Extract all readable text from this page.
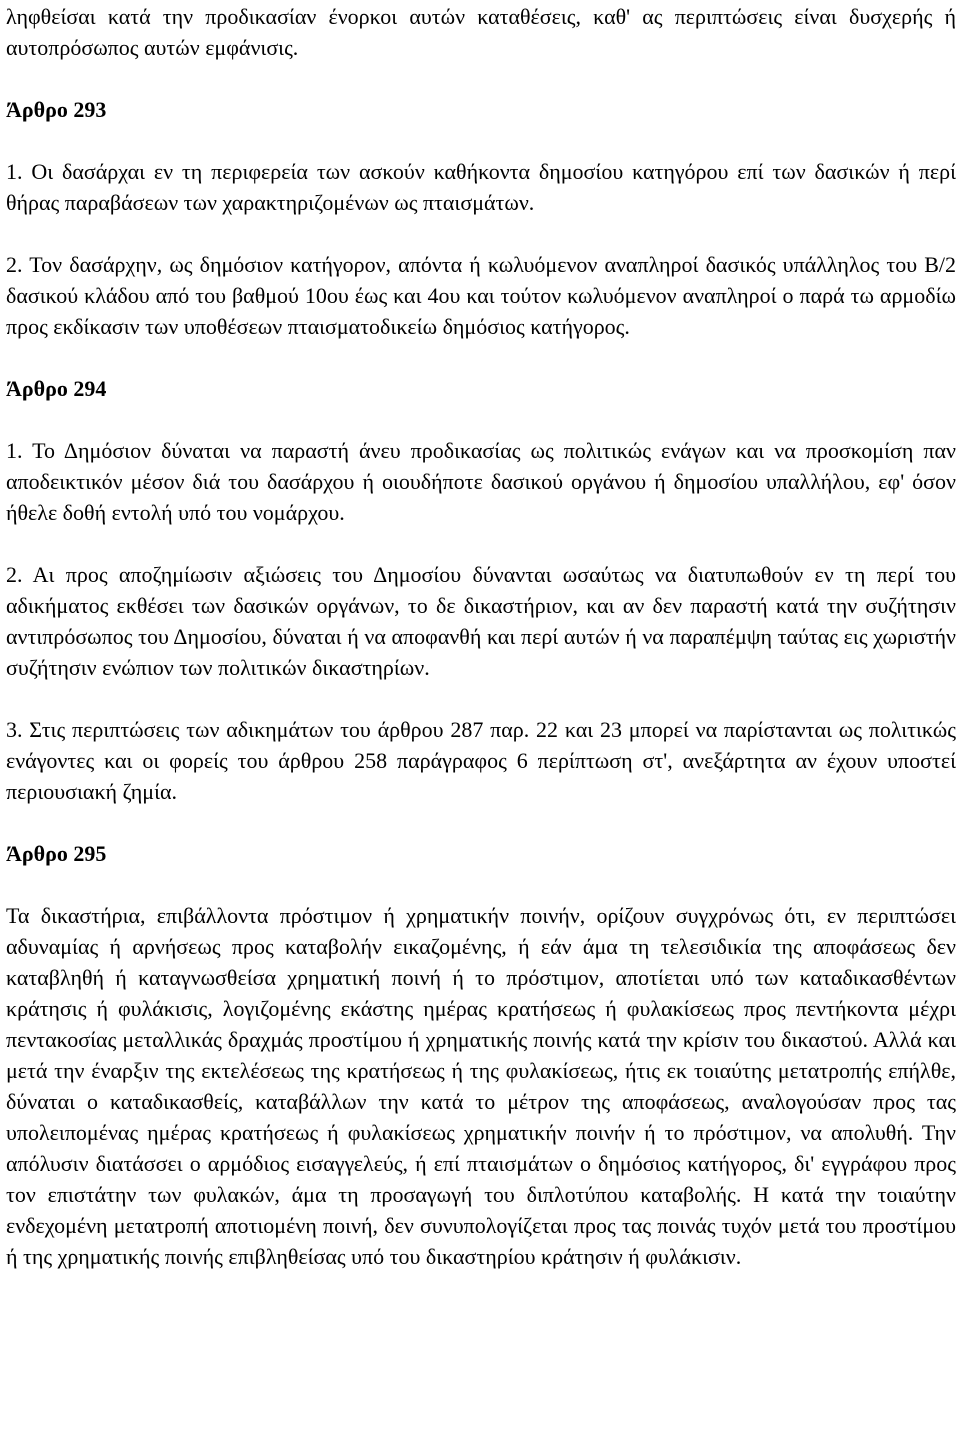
ληφθείσαι κατά την προδικασίαν ένορκοι αυτών καταθέσεις, καθ' ας περιπτώσεις είναι δυσχερής ή αυτοπρόσωπος αυτών εμφάνισις.

Άρθρο 293

1. Οι δασάρχαι εν τη περιφερεία των ασκούν καθήκοντα δημοσίου κατηγόρου επί των δασικών ή περί θήρας παραβάσεων των χαρακτηριζομένων ως πταισμάτων.

2. Τον δασάρχην, ως δημόσιον κατήγορον, απόντα ή κωλυόμενον αναπληροί δασικός υπάλληλος του Β/2 δασικού κλάδου από του βαθμού 10ου έως και 4ου και τούτον κωλυόμενον αναπληροί ο παρά τω αρμοδίω προς εκδίκασιν των υποθέσεων πταισματοδικείω δημόσιος κατήγορος.

Άρθρο 294

1. Το Δημόσιον δύναται να παραστή άνευ προδικασίας ως πολιτικώς ενάγων και να προσκομίση παν αποδεικτικόν μέσον διά του δασάρχου ή οιουδήποτε δασικού οργάνου ή δημοσίου υπαλλήλου, εφ' όσον ήθελε δοθή εντολή υπό του νομάρχου.

2. Αι προς αποζημίωσιν αξιώσεις του Δημοσίου δύνανται ωσαύτως να διατυπωθούν εν τη περί του αδικήματος εκθέσει των δασικών οργάνων, το δε δικαστήριον, και αν δεν παραστή κατά την συζήτησιν αντιπρόσωπος του Δημοσίου, δύναται ή να αποφανθή και περί αυτών ή να παραπέμψη ταύτας εις χωριστήν συζήτησιν ενώπιον των πολιτικών δικαστηρίων.

3. Στις περιπτώσεις των αδικημάτων του άρθρου 287 παρ. 22 και 23 μπορεί να παρίστανται ως πολιτικώς ενάγοντες και οι φορείς του άρθρου 258 παράγραφος 6 περίπτωση στ', ανεξάρτητα αν έχουν υποστεί περιουσιακή ζημία.

Άρθρο 295

Τα δικαστήρια, επιβάλλοντα πρόστιμον ή χρηματικήν ποινήν, ορίζουν συγχρόνως ότι, εν περιπτώσει αδυναμίας ή αρνήσεως προς καταβολήν εικαζομένης, ή εάν άμα τη τελεσιδικία της αποφάσεως δεν καταβληθή ή καταγνωσθείσα χρηματική ποινή ή το πρόστιμον, αποτίεται υπό των καταδικασθέντων κράτησις ή φυλάκισις, λογιζομένης εκάστης ημέρας κρατήσεως ή φυλακίσεως προς πεντήκοντα μέχρι πεντακοσίας μεταλλικάς δραχμάς προστίμου ή χρηματικής ποινής κατά την κρίσιν του δικαστού. Αλλά και μετά την έναρξιν της εκτελέσεως της κρατήσεως ή της φυλακίσεως, ήτις εκ τοιαύτης μετατροπής επήλθε, δύναται ο καταδικασθείς, καταβάλλων την κατά το μέτρον της αποφάσεως, αναλογούσαν προς τας υπολειπομένας ημέρας κρατήσεως ή φυλακίσεως χρηματικήν ποινήν ή το πρόστιμον, να απολυθή. Την απόλυσιν διατάσσει ο αρμόδιος εισαγγελεύς, ή επί πταισμάτων ο δημόσιος κατήγορος, δι' εγγράφου προς τον επιστάτην των φυλακών, άμα τη προσαγωγή του διπλοτύπου καταβολής. Η κατά την τοιαύτην ενδεχομένη μετατροπή αποτιομένη ποινή, δεν συνυπολογίζεται προς τας ποινάς τυχόν μετά του προστίμου ή της χρηματικής ποινής επιβληθείσας υπό του δικαστηρίου κράτησιν ή φυλάκισιν.
